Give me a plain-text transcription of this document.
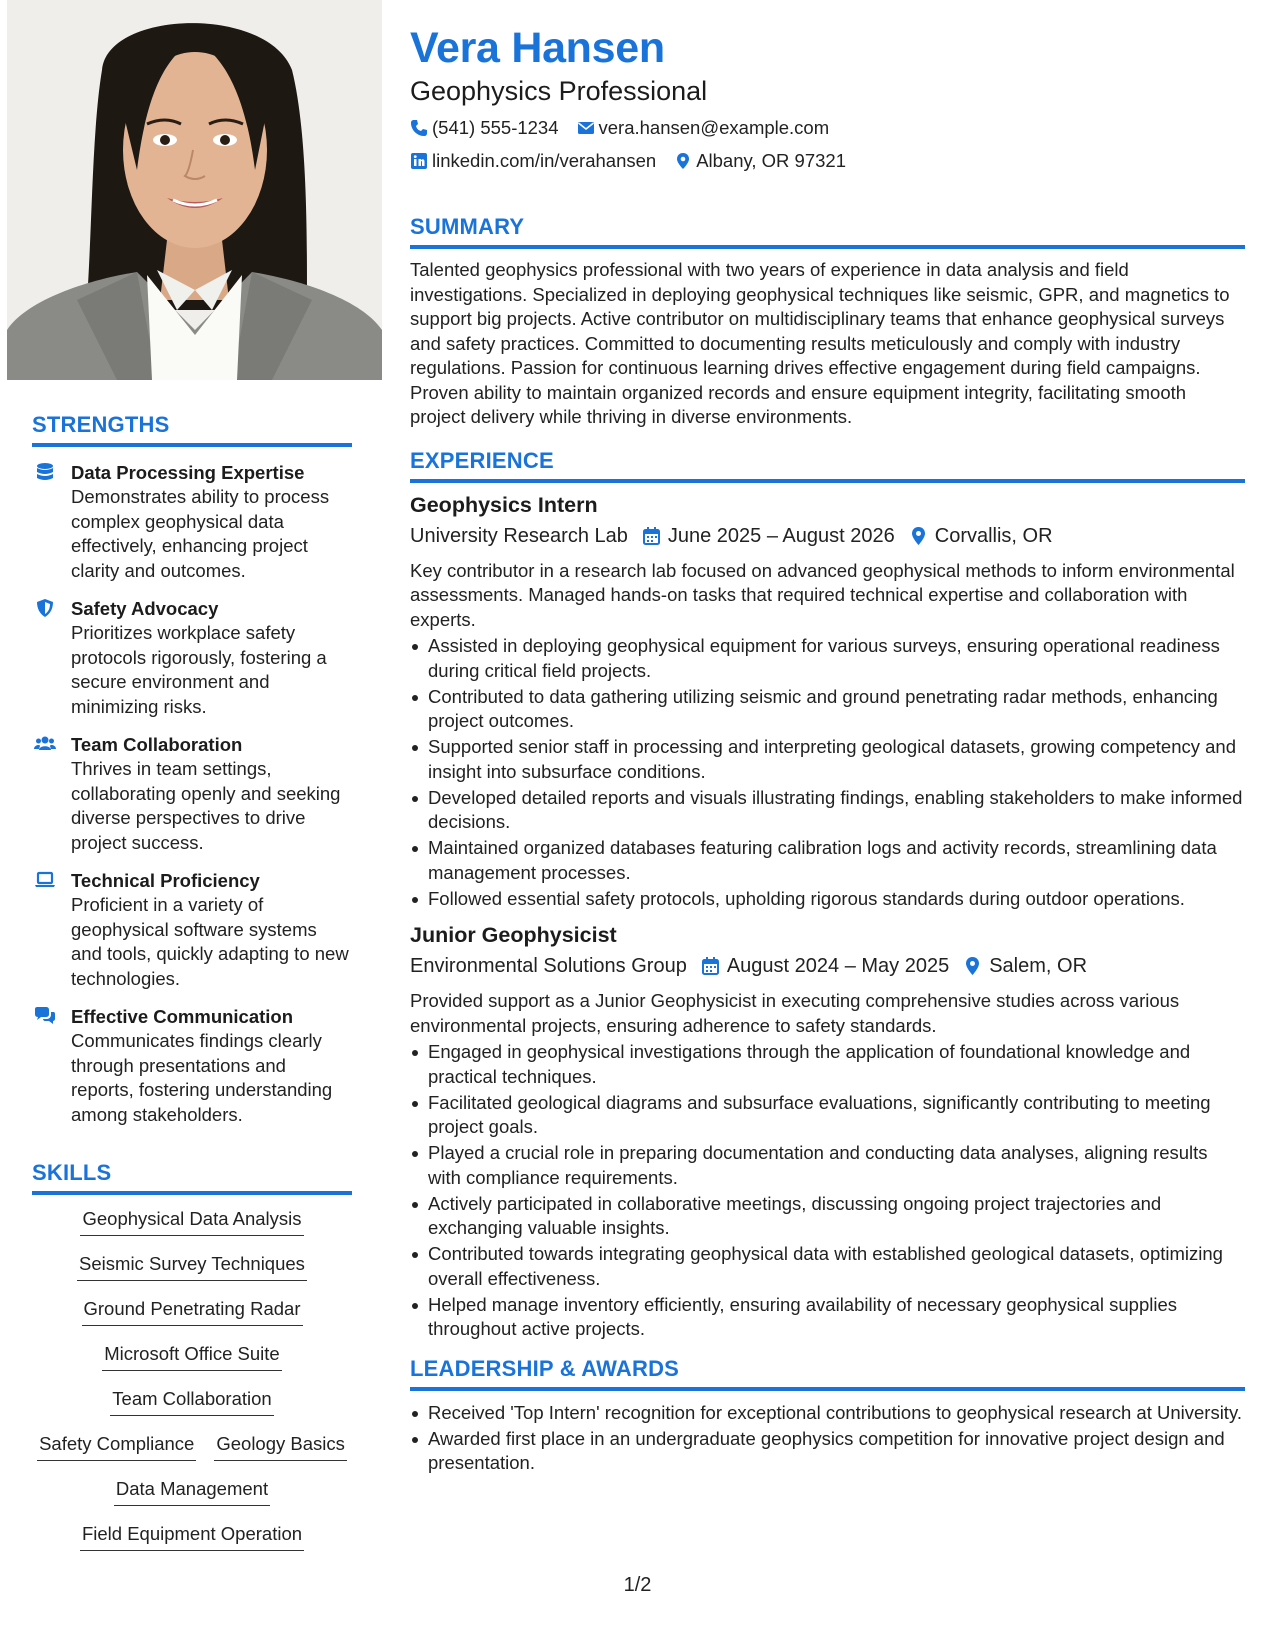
STRENGTHS
Data Processing Expertise
Demonstrates ability to process complex geophysical data effectively, enhancing project clarity and outcomes.
Safety Advocacy
Prioritizes workplace safety protocols rigorously, fostering a secure environment and minimizing risks.
Team Collaboration
Thrives in team settings, collaborating openly and seeking diverse perspectives to drive project success.
Technical Proficiency
Proficient in a variety of geophysical software systems and tools, quickly adapting to new technologies.
Effective Communication
Communicates findings clearly through presentations and reports, fostering understanding among stakeholders.
SKILLS
Geophysical Data Analysis
Seismic Survey Techniques
Ground Penetrating Radar
Microsoft Office Suite
Team Collaboration
Safety Compliance Geology Basics
Data Management
Field Equipment Operation
Vera Hansen
Geophysics Professional
(541) 555-1234 vera.hansen@example.com
linkedin.com/in/verahansen Albany, OR 97321
SUMMARY

Talented geophysics professional with two years of experience in data analysis and field investigations. Specialized in deploying geophysical techniques like seismic, GPR, and magnetics to support big projects. Active contributor on multidisciplinary teams that enhance geophysical surveys and safety practices. Committed to documenting results meticulously and comply with industry regulations. Passion for continuous learning drives effective engagement during field campaigns. Proven ability to maintain organized records and ensure equipment integrity, facilitating smooth project delivery while thriving in diverse environments.

EXPERIENCE
Geophysics Intern
University Research Lab June 2025 – August 2026 Corvallis, OR

Key contributor in a research lab focused on advanced geophysical methods to inform environmental assessments. Managed hands-on tasks that required technical expertise and collaboration with experts.

Assisted in deploying geophysical equipment for various surveys, ensuring operational readiness during critical field projects.
Contributed to data gathering utilizing seismic and ground penetrating radar methods, enhancing project outcomes.
Supported senior staff in processing and interpreting geological datasets, growing competency and insight into subsurface conditions.
Developed detailed reports and visuals illustrating findings, enabling stakeholders to make informed decisions.
Maintained organized databases featuring calibration logs and activity records, streamlining data management processes.
Followed essential safety protocols, upholding rigorous standards during outdoor operations.
Junior Geophysicist
Environmental Solutions Group August 2024 – May 2025 Salem, OR

Provided support as a Junior Geophysicist in executing comprehensive studies across various environmental projects, ensuring adherence to safety standards.

Engaged in geophysical investigations through the application of foundational knowledge and practical techniques.
Facilitated geological diagrams and subsurface evaluations, significantly contributing to meeting project goals.
Played a crucial role in preparing documentation and conducting data analyses, aligning results with compliance requirements.
Actively participated in collaborative meetings, discussing ongoing project trajectories and exchanging valuable insights.
Contributed towards integrating geophysical data with established geological datasets, optimizing overall effectiveness.
Helped manage inventory efficiently, ensuring availability of necessary geophysical supplies throughout active projects.
LEADERSHIP & AWARDS
Received 'Top Intern' recognition for exceptional contributions to geophysical research at University.
Awarded first place in an undergraduate geophysics competition for innovative project design and presentation.
1/2
